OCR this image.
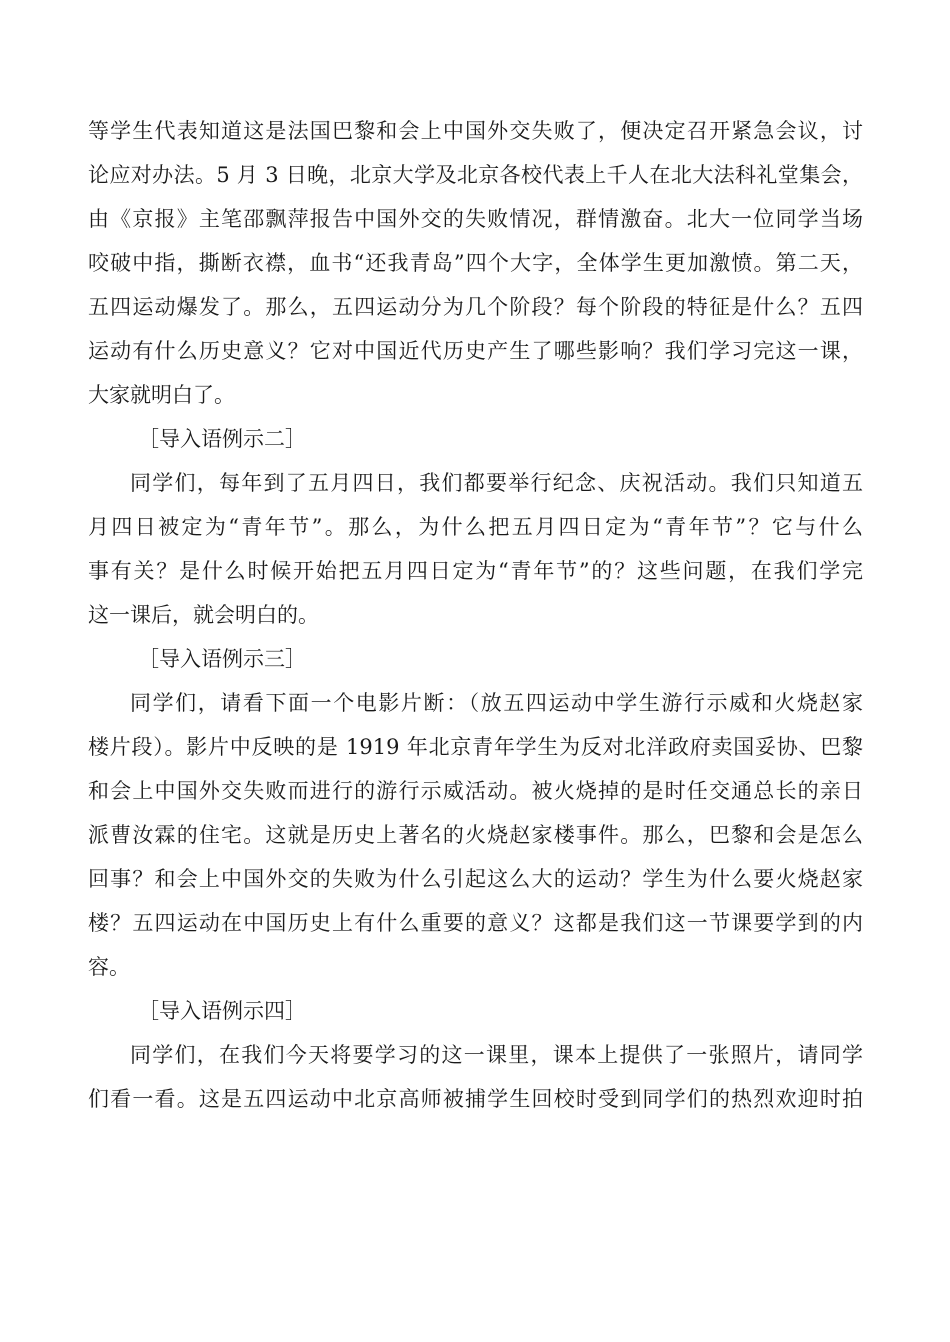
等学生代表知道这是法国巴黎和会上中国外交失败了，便决定召开紧急会议，讨
论应对办法。5 月 3 日晚，北京大学及北京各校代表上千人在北大法科礼堂集会，
由《京报》主笔邵飘萍报告中国外交的失败情况，群情激奋。北大一位同学当场
咬破中指，撕断衣襟，血书“还我青岛”四个大字，全体学生更加激愤。第二天，
五四运动爆发了。那么，五四运动分为几个阶段？每个阶段的特征是什么？五四
运动有什么历史意义？它对中国近代历史产生了哪些影响？我们学习完这一课，
大家就明白了。
［导入语例示二］
同学们，每年到了五月四日，我们都要举行纪念、庆祝活动。我们只知道五
月四日被定为“青年节”。那么，为什么把五月四日定为“青年节”？它与什么
事有关？是什么时候开始把五月四日定为“青年节”的？这些问题，在我们学完
这一课后，就会明白的。
［导入语例示三］
同学们，请看下面一个电影片断：（放五四运动中学生游行示威和火烧赵家
楼片段）。影片中反映的是 1919 年北京青年学生为反对北洋政府卖国妥协、巴黎
和会上中国外交失败而进行的游行示威活动。被火烧掉的是时任交通总长的亲日
派曹汝霖的住宅。这就是历史上著名的火烧赵家楼事件。那么，巴黎和会是怎么
回事？和会上中国外交的失败为什么引起这么大的运动？学生为什么要火烧赵家
楼？五四运动在中国历史上有什么重要的意义？这都是我们这一节课要学到的内
容。
［导入语例示四］
同学们，在我们今天将要学习的这一课里，课本上提供了一张照片，请同学
们看一看。这是五四运动中北京高师被捕学生回校时受到同学们的热烈欢迎时拍
